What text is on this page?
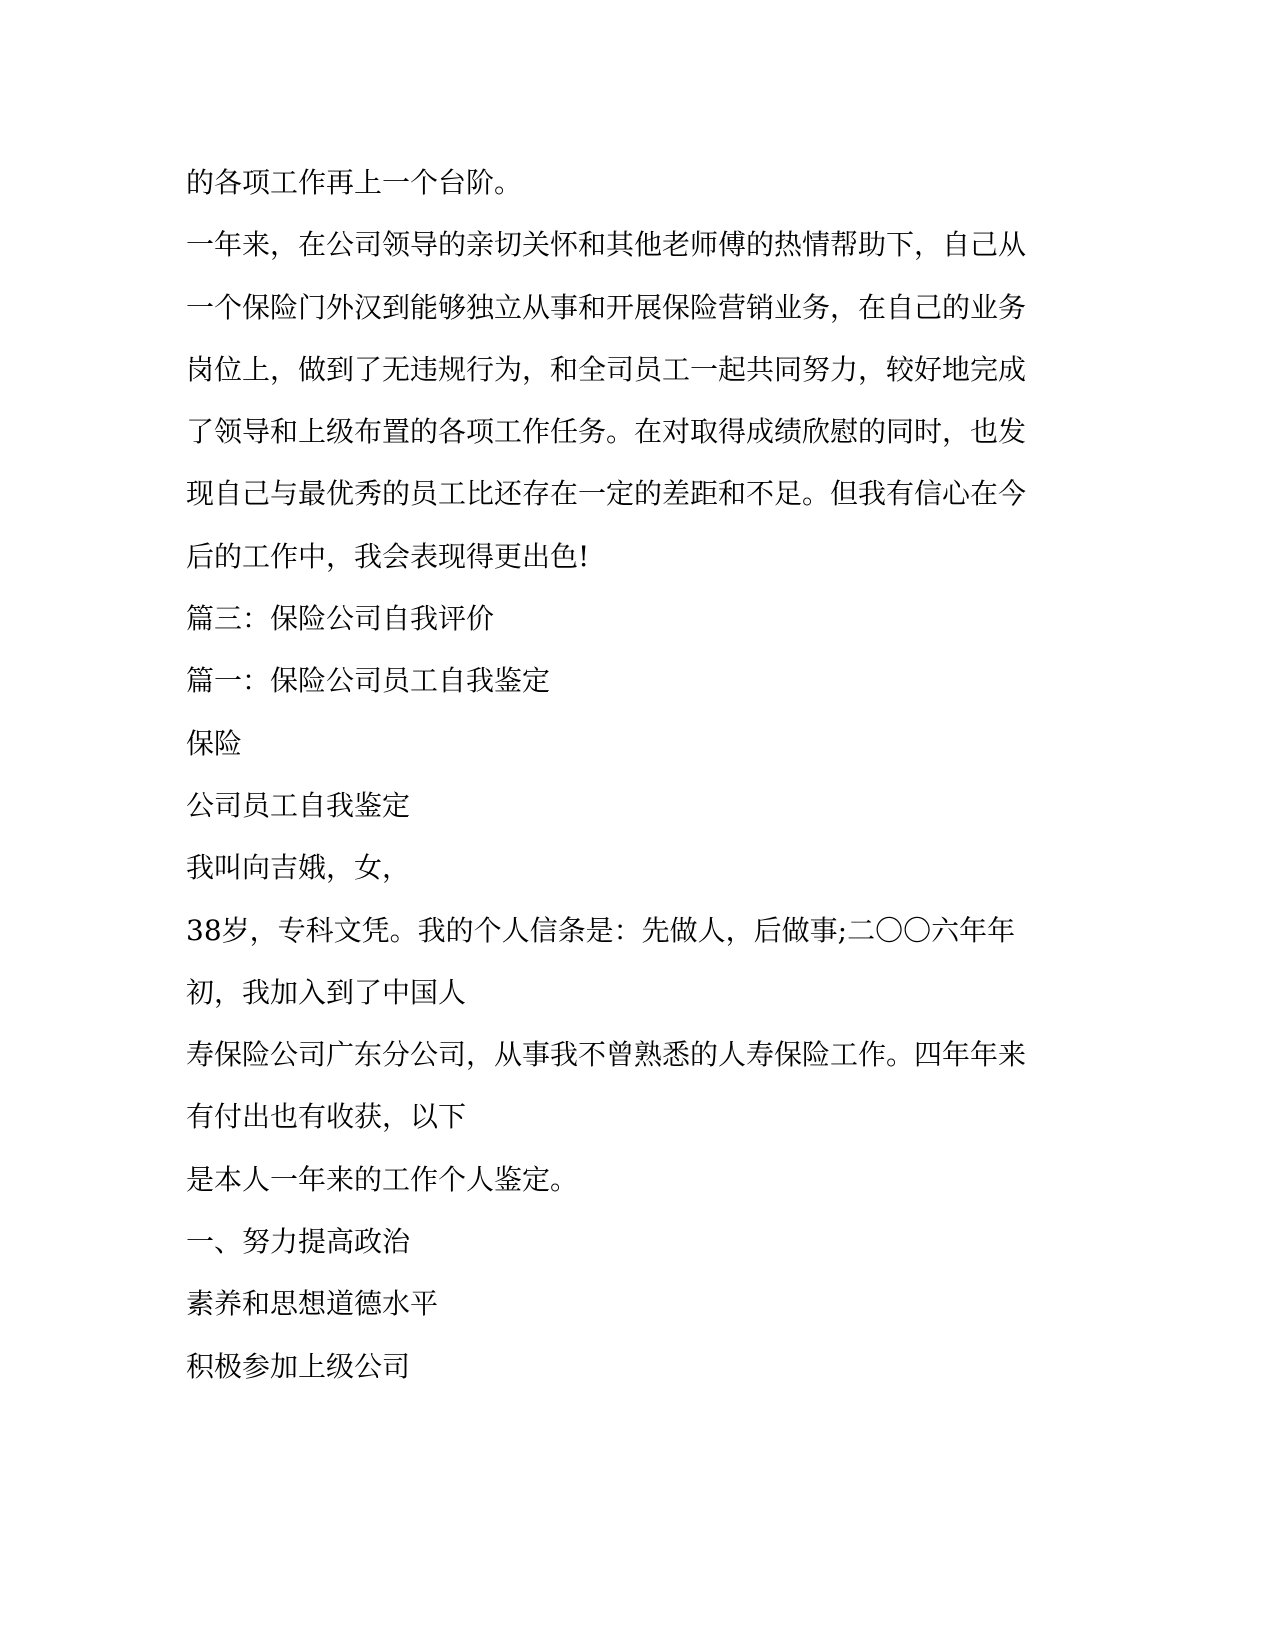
的各项工作再上一个台阶。
一年来，在公司领导的亲切关怀和其他老师傅的热情帮助下，自己从
一个保险门外汉到能够独立从事和开展保险营销业务，在自己的业务
岗位上，做到了无违规行为，和全司员工一起共同努力，较好地完成
了领导和上级布置的各项工作任务。在对取得成绩欣慰的同时，也发
现自己与最优秀的员工比还存在一定的差距和不足。但我有信心在今
后的工作中，我会表现得更出色!
篇三：保险公司自我评价
篇一：保险公司员工自我鉴定
保险
公司员工自我鉴定
我叫向吉娥，女，
38岁，专科文凭。我的个人信条是：先做人，后做事;二〇〇六年年
初，我加入到了中国人
寿保险公司广东分公司，从事我不曾熟悉的人寿保险工作。四年年来
有付出也有收获，以下
是本人一年来的工作个人鉴定。
一、努力提高政治
素养和思想道德水平
积极参加上级公司
